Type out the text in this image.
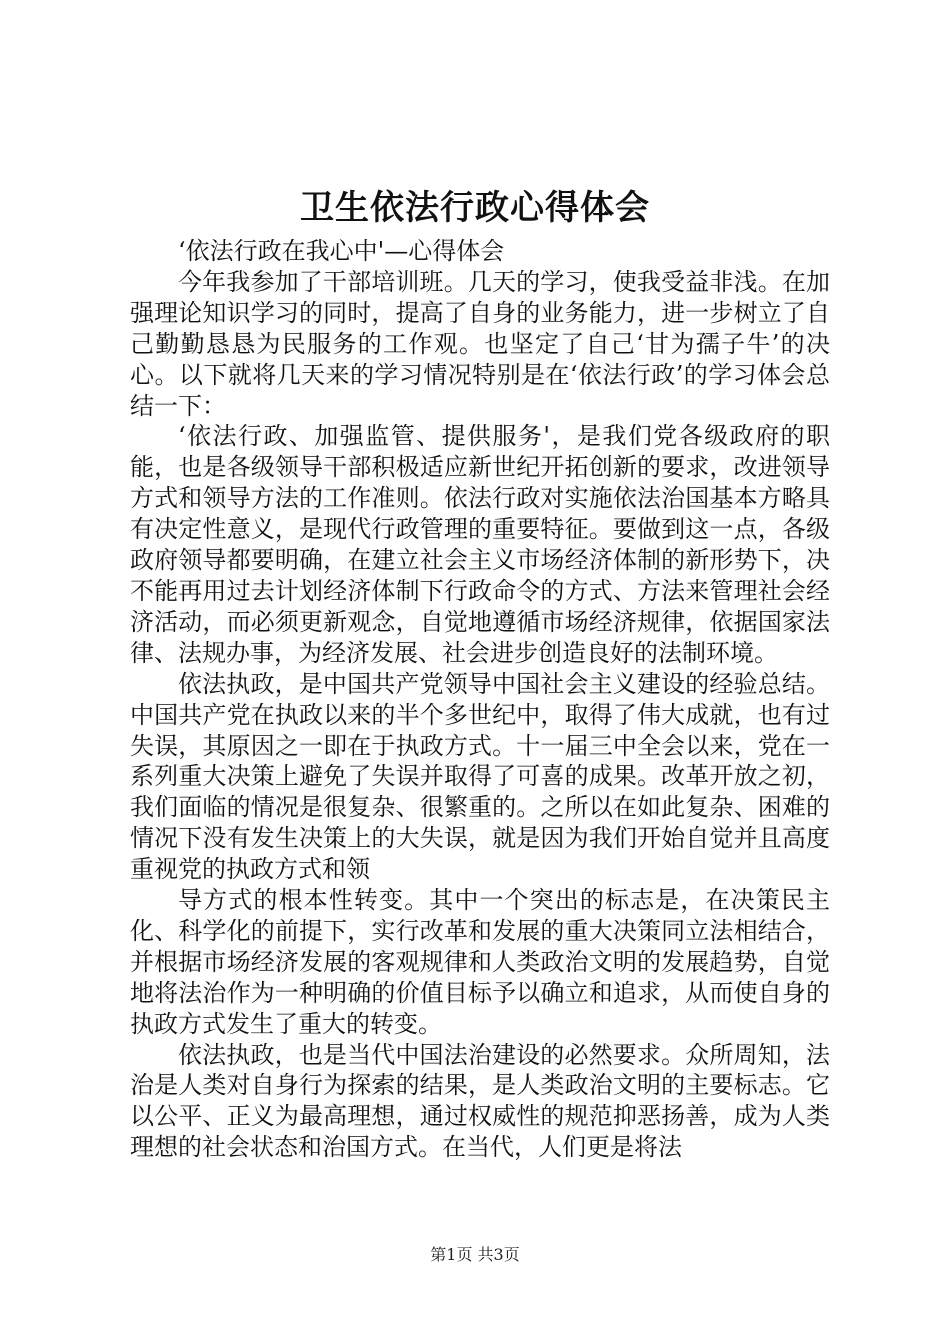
卫生依法行政心得体会

‘依法行政在我心中'—心得体会

今年我参加了干部培训班。几天的学习，使我受益非浅。在加强理论知识学习的同时，提高了自身的业务能力，进一步树立了自己勤勤恳恳为民服务的工作观。也坚定了自己‘甘为孺子牛’的决心。以下就将几天来的学习情况特别是在‘依法行政’的学习体会总结一下：

‘依法行政、加强监管、提供服务'，是我们党各级政府的职能，也是各级领导干部积极适应新世纪开拓创新的要求，改进领导方式和领导方法的工作准则。依法行政对实施依法治国基本方略具有决定性意义，是现代行政管理的重要特征。要做到这一点，各级政府领导都要明确，在建立社会主义市场经济体制的新形势下，决不能再用过去计划经济体制下行政命令的方式、方法来管理社会经济活动，而必须更新观念，自觉地遵循市场经济规律，依据国家法律、法规办事，为经济发展、社会进步创造良好的法制环境。

依法执政，是中国共产党领导中国社会主义建设的经验总结。中国共产党在执政以来的半个多世纪中，取得了伟大成就，也有过失误，其原因之一即在于执政方式。十一届三中全会以来，党在一系列重大决策上避免了失误并取得了可喜的成果。改革开放之初，我们面临的情况是很复杂、很繁重的。之所以在如此复杂、困难的情况下没有发生决策上的大失误，就是因为我们开始自觉并且高度重视党的执政方式和领

导方式的根本性转变。其中一个突出的标志是，在决策民主化、科学化的前提下，实行改革和发展的重大决策同立法相结合，并根据市场经济发展的客观规律和人类政治文明的发展趋势，自觉地将法治作为一种明确的价值目标予以确立和追求，从而使自身的执政方式发生了重大的转变。

依法执政，也是当代中国法治建设的必然要求。众所周知，法治是人类对自身行为探索的结果，是人类政治文明的主要标志。它以公平、正义为最高理想，通过权威性的规范抑恶扬善，成为人类理想的社会状态和治国方式。在当代，人们更是将法

第1页 共3页
